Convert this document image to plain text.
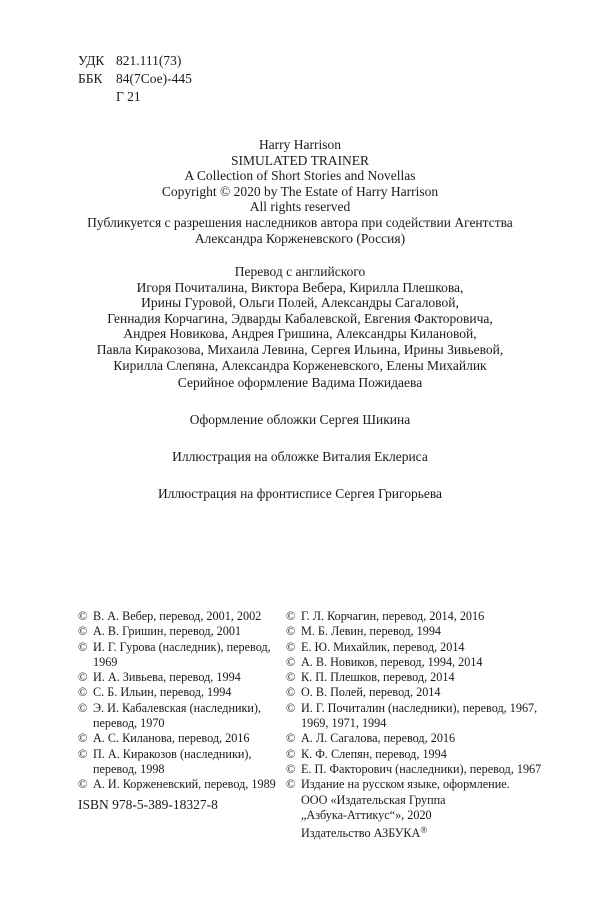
УДК 821.111(73)
ББК 84(7Сое)-445
Г 21
Harry Harrison
SIMULATED TRAINER
A Collection of Short Stories and Novellas
Copyright © 2020 by The Estate of Harry Harrison
All rights reserved
Публикуется с разрешения наследников автора при содействии Агентства
Александра Корженевского (Россия)
Перевод с английского
Игоря Почиталина, Виктора Вебера, Кирилла Плешкова,
Ирины Гуровой, Ольги Полей, Александры Сагаловой,
Геннадия Корчагина, Эдварды Кабалевской, Евгения Факторовича,
Андрея Новикова, Андрея Гришина, Александры Килановой,
Павла Киракозова, Михаила Левина, Сергея Ильина, Ирины Зивьевой,
Кирилла Слепяна, Александра Корженевского, Елены Михайлик
Серийное оформление Вадима Пожидаева
Оформление обложки Сергея Шикина
Иллюстрация на обложке Виталия Еклериса
Иллюстрация на фронтисписе Сергея Григорьева
© В. А. Вебер, перевод, 2001, 2002
© А. В. Гришин, перевод, 2001
© И. Г. Гурова (наследник), перевод,
1969
© И. А. Зивьева, перевод, 1994
© С. Б. Ильин, перевод, 1994
© Э. И. Кабалевская (наследники),
перевод, 1970
© А. С. Киланова, перевод, 2016
© П. А. Киракозов (наследники),
перевод, 1998
© А. И. Корженевский, перевод, 1989
© Г. Л. Корчагин, перевод, 2014, 2016
© М. Б. Левин, перевод, 1994
© Е. Ю. Михайлик, перевод, 2014
© А. В. Новиков, перевод, 1994, 2014
© К. П. Плешков, перевод, 2014
© О. В. Полей, перевод, 2014
© И. Г. Почиталин (наследники), перевод, 1967,
1969, 1971, 1994
© А. Л. Сагалова, перевод, 2016
© К. Ф. Слепян, перевод, 1994
© Е. П. Факторович (наследники), перевод, 1967
© Издание на русском языке, оформление.
ООО «Издательская Группа
„Азбука-Аттикус“», 2020
Издательство АЗБУКА®
ISBN 978-5-389-18327-8
